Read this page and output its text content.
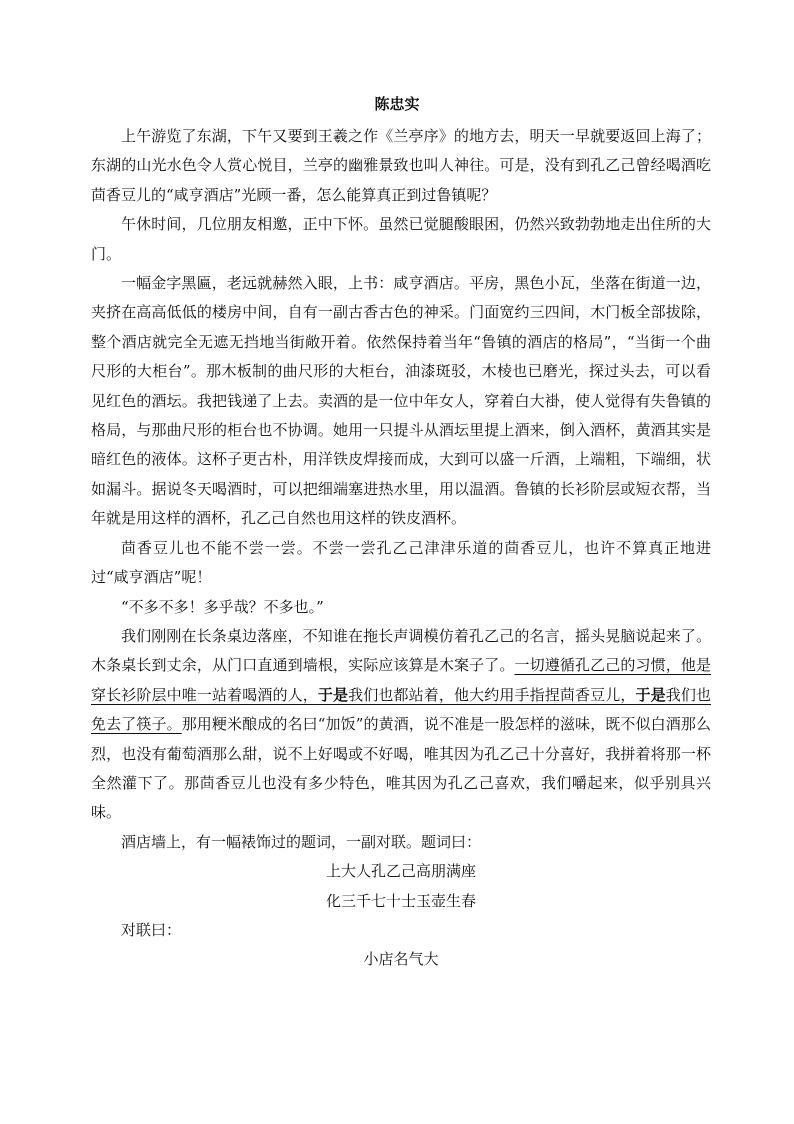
陈忠实

上午游览了东湖，下午又要到王羲之作《兰亭序》的地方去，明天一早就要返回上海了；东湖的山光水色令人赏心悦目，兰亭的幽雅景致也叫人神往。可是，没有到孔乙己曾经喝酒吃茴香豆儿的“咸亨酒店”光顾一番，怎么能算真正到过鲁镇呢？

午休时间，几位朋友相邀，正中下怀。虽然已觉腿酸眼困，仍然兴致勃勃地走出住所的大门。

一幅金字黑匾，老远就赫然入眼，上书：咸亨酒店。平房，黑色小瓦，坐落在街道一边，夹挤在高高低低的楼房中间，自有一副古香古色的神采。门面宽约三四间，木门板全部拔除，整个酒店就完全无遮无挡地当街敞开着。依然保持着当年“鲁镇的酒店的格局”，“当街一个曲尺形的大柜台”。那木板制的曲尺形的大柜台，油漆斑驳，木棱也已磨光，探过头去，可以看见红色的酒坛。我把钱递了上去。卖酒的是一位中年女人，穿着白大褂，使人觉得有失鲁镇的格局，与那曲尺形的柜台也不协调。她用一只提斗从酒坛里提上酒来，倒入酒杯，黄酒其实是暗红色的液体。这杯子更古朴，用洋铁皮焊接而成，大到可以盛一斤酒，上端粗，下端细，状如漏斗。据说冬天喝酒时，可以把细端塞进热水里，用以温酒。鲁镇的长衫阶层或短衣帮，当年就是用这样的酒杯，孔乙己自然也用这样的铁皮酒杯。

茴香豆儿也不能不尝一尝。不尝一尝孔乙己津津乐道的茴香豆儿，也许不算真正地进过“咸亨酒店”呢！

“不多不多！多乎哉？不多也。”

我们刚刚在长条桌边落座，不知谁在拖长声调模仿着孔乙己的名言，摇头晃脑说起来了。木条桌长到丈余，从门口直通到墙根，实际应该算是木案子了。一切遵循孔乙己的习惯，他是穿长衫阶层中唯一站着喝酒的人，于是我们也都站着，他大约用手指捏茴香豆儿，于是我们也免去了筷子。那用粳米酿成的名曰“加饭”的黄酒，说不准是一股怎样的滋味，既不似白酒那么烈，也没有葡萄酒那么甜，说不上好喝或不好喝，唯其因为孔乙己十分喜好，我拼着将那一杯全然灌下了。那茴香豆儿也没有多少特色，唯其因为孔乙己喜欢，我们嚼起来，似乎别具兴味。

酒店墙上，有一幅裱饰过的题词，一副对联。题词曰：

上大人孔乙己高朋满座

化三千七十士玉壶生春

对联曰：

小店名气大
